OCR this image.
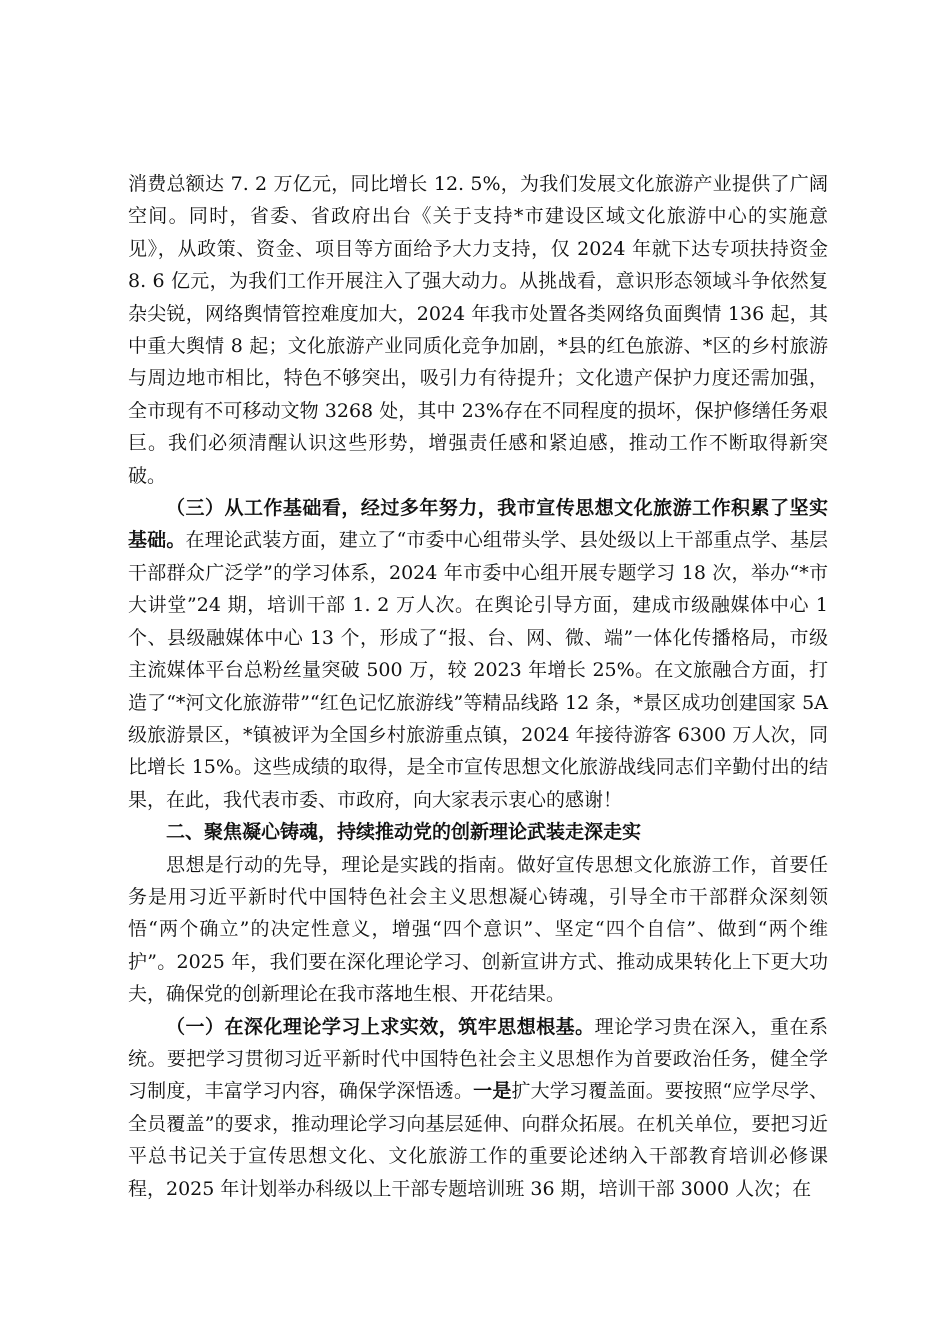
消费总额达 7. 2 万亿元，同比增长 12. 5%，为我们发展文化旅游产业提供了广阔空间。同时，省委、省政府出台《关于支持*市建设区域文化旅游中心的实施意见》，从政策、资金、项目等方面给予大力支持，仅 2024 年就下达专项扶持资金 8. 6 亿元，为我们工作开展注入了强大动力。从挑战看，意识形态领域斗争依然复杂尖锐，网络舆情管控难度加大，2024 年我市处置各类网络负面舆情 136 起，其中重大舆情 8 起；文化旅游产业同质化竞争加剧，*县的红色旅游、*区的乡村旅游与周边地市相比，特色不够突出，吸引力有待提升；文化遗产保护力度还需加强，全市现有不可移动文物 3268 处，其中 23%存在不同程度的损坏，保护修缮任务艰巨。我们必须清醒认识这些形势，增强责任感和紧迫感，推动工作不断取得新突破。

（三）从工作基础看，经过多年努力，我市宣传思想文化旅游工作积累了坚实基础。在理论武装方面，建立了“市委中心组带头学、县处级以上干部重点学、基层干部群众广泛学”的学习体系，2024 年市委中心组开展专题学习 18 次，举办“*市大讲堂”24 期，培训干部 1. 2 万人次。在舆论引导方面，建成市级融媒体中心 1 个、县级融媒体中心 13 个，形成了“报、台、网、微、端”一体化传播格局，市级主流媒体平台总粉丝量突破 500 万，较 2023 年增长 25%。在文旅融合方面，打造了“*河文化旅游带”“红色记忆旅游线”等精品线路 12 条，*景区成功创建国家 5A 级旅游景区，*镇被评为全国乡村旅游重点镇，2024 年接待游客 6300 万人次，同比增长 15%。这些成绩的取得，是全市宣传思想文化旅游战线同志们辛勤付出的结果，在此，我代表市委、市政府，向大家表示衷心的感谢！

二、聚焦凝心铸魂，持续推动党的创新理论武装走深走实

思想是行动的先导，理论是实践的指南。做好宣传思想文化旅游工作，首要任务是用习近平新时代中国特色社会主义思想凝心铸魂，引导全市干部群众深刻领悟“两个确立”的决定性意义，增强“四个意识”、坚定“四个自信”、做到“两个维护”。2025 年，我们要在深化理论学习、创新宣讲方式、推动成果转化上下更大功夫，确保党的创新理论在我市落地生根、开花结果。

（一）在深化理论学习上求实效，筑牢思想根基。理论学习贵在深入，重在系统。要把学习贯彻习近平新时代中国特色社会主义思想作为首要政治任务，健全学习制度，丰富学习内容，确保学深悟透。一是扩大学习覆盖面。要按照“应学尽学、全员覆盖”的要求，推动理论学习向基层延伸、向群众拓展。在机关单位，要把习近平总书记关于宣传思想文化、文化旅游工作的重要论述纳入干部教育培训必修课程，2025 年计划举办科级以上干部专题培训班 36 期，培训干部 3000 人次；在
